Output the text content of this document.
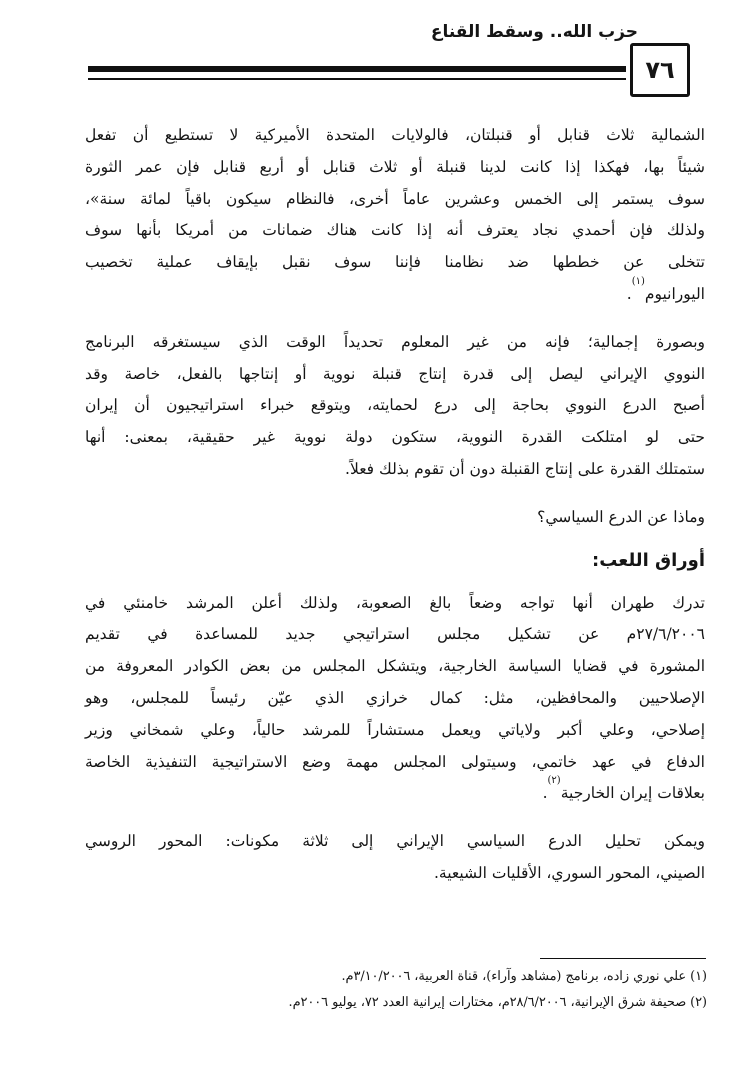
حزب الله.. وسقط القناع
٧٦

الشمالية ثلاث قنابل أو قنبلتان، فالولايات المتحدة الأميركية لا تستطيع أن تفعل

شيئاً بها، فهكذا إذا كانت لدينا قنبلة أو ثلاث قنابل أو أربع قنابل فإن عمر الثورة

سوف يستمر إلى الخمس وعشرين عاماً أخرى، فالنظام سيكون باقياً لمائة سنة»،

ولذلك فإن أحمدي نجاد يعترف أنه إذا كانت هناك ضمانات من أمريكا بأنها سوف

تتخلى عن خططها ضد نظامنا فإننا سوف نقبل بإيقاف عملية تخصيب

اليورانيوم$^{(١)}$.

وبصورة إجمالية؛ فإنه من غير المعلوم تحديداً الوقت الذي سيستغرقه البرنامج

النووي الإيراني ليصل إلى قدرة إنتاج قنبلة نووية أو إنتاجها بالفعل، خاصة وقد

أصبح الدرع النووي بحاجة إلى درع لحمايته، ويتوقع خبراء استراتيجيون أن إيران

حتى لو امتلكت القدرة النووية، ستكون دولة نووية غير حقيقية، بمعنى: أنها

ستمتلك القدرة على إنتاج القنبلة دون أن تقوم بذلك فعلاً.

وماذا عن الدرع السياسي؟

أوراق اللعب:

تدرك طهران أنها تواجه وضعاً بالغ الصعوبة، ولذلك أعلن المرشد خامنئي في

٢٧/٦/٢٠٠٦م عن تشكيل مجلس استراتيجي جديد للمساعدة في تقديم

المشورة في قضايا السياسة الخارجية، ويتشكل المجلس من بعض الكوادر المعروفة من

الإصلاحيين والمحافظين، مثل: كمال خرازي الذي عيّن رئيساً للمجلس، وهو

إصلاحي، وعلي أكبر ولاياتي ويعمل مستشاراً للمرشد حالياً، وعلي شمخاني وزير

الدفاع في عهد خاتمي، وسيتولى المجلس مهمة وضع الاستراتيجية التنفيذية الخاصة

بعلاقات إيران الخارجية$^{(٢)}$.

ويمكن تحليل الدرع السياسي الإيراني إلى ثلاثة مكونات: المحور الروسي

الصيني، المحور السوري، الأقليات الشيعية.

(١) علي نوري زاده، برنامج (مشاهد وآراء)، قناة العربية، ٣/١٠/٢٠٠٦م.

(٢) صحيفة شرق الإيرانية، ٢٨/٦/٢٠٠٦م، مختارات إيرانية العدد ٧٢، يوليو ٢٠٠٦م.
